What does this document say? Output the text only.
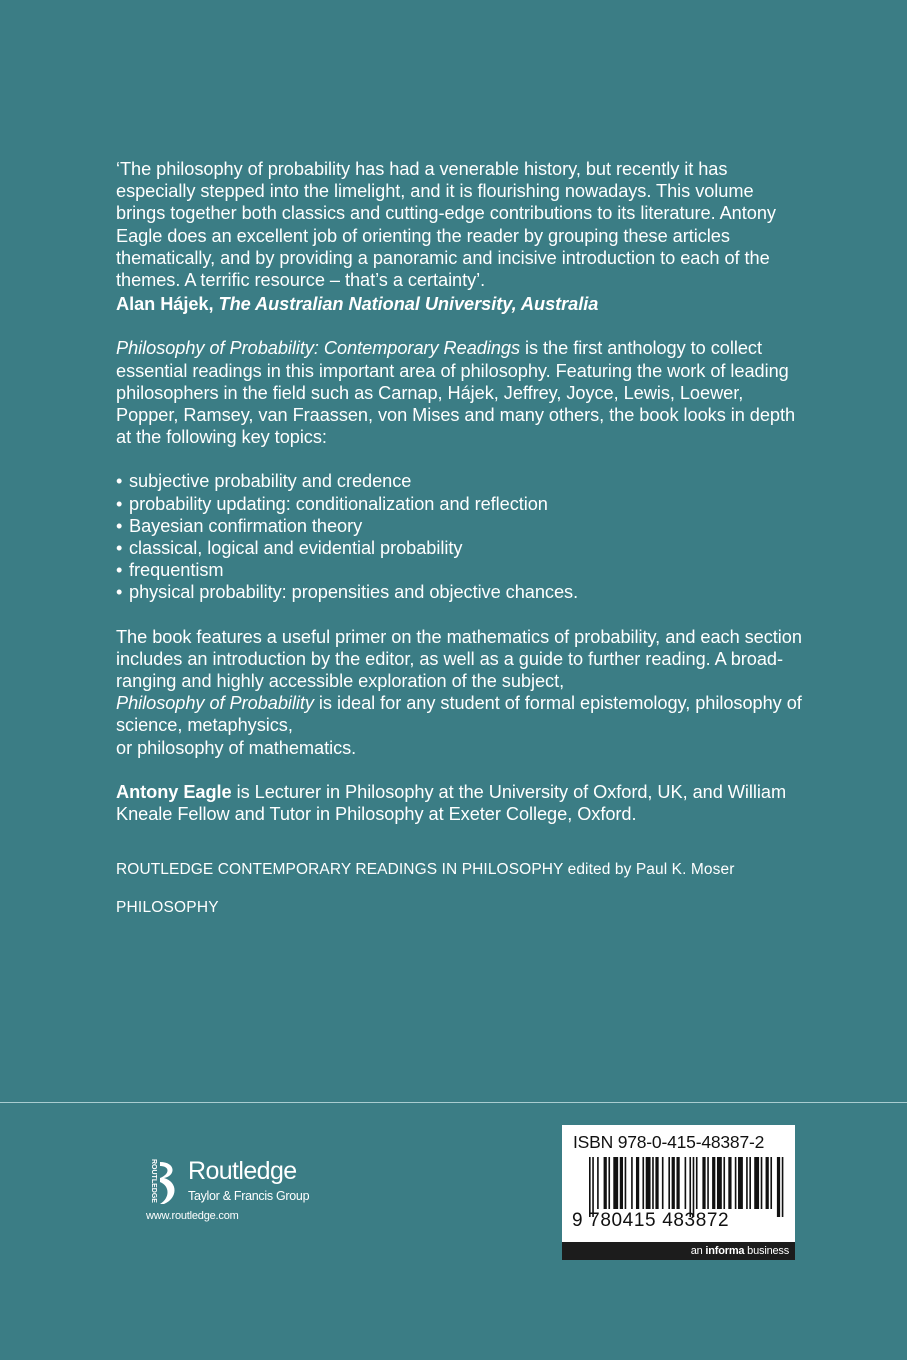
‘The philosophy of probability has had a venerable history, but recently it has especially stepped into the limelight, and it is flourishing nowadays. This volume brings together both classics and cutting-edge contributions to its literature. Antony Eagle does an excellent job of orienting the reader by grouping these articles thematically, and by providing a panoramic and incisive introduction to each of the themes. A terrific resource – that’s a certainty’.
Alan Hájek, The Australian National University, Australia
Philosophy of Probability: Contemporary Readings is the first anthology to collect essential readings in this important area of philosophy. Featuring the work of leading philosophers in the field such as Carnap, Hájek, Jeffrey, Joyce, Lewis, Loewer, Popper, Ramsey, van Fraassen, von Mises and many others, the book looks in depth at the following key topics:
• subjective probability and credence
• probability updating: conditionalization and reflection
• Bayesian confirmation theory
• classical, logical and evidential probability
• frequentism
• physical probability: propensities and objective chances.
The book features a useful primer on the mathematics of probability, and each section includes an introduction by the editor, as well as a guide to further reading. A broad-ranging and highly accessible exploration of the subject,
Philosophy of Probability is ideal for any student of formal epistemology, philosophy of science, metaphysics,
or philosophy of mathematics.
Antony Eagle is Lecturer in Philosophy at the University of Oxford, UK, and William Kneale Fellow and Tutor in Philosophy at Exeter College, Oxford.
ROUTLEDGE CONTEMPORARY READINGS IN PHILOSOPHY edited by Paul K. Moser
PHILOSOPHY
ROUTLEDGE Routledge
Taylor & Francis Group
www.routledge.com
ISBN 978-0-415-48387-2
9 780415 483872
an informa business
